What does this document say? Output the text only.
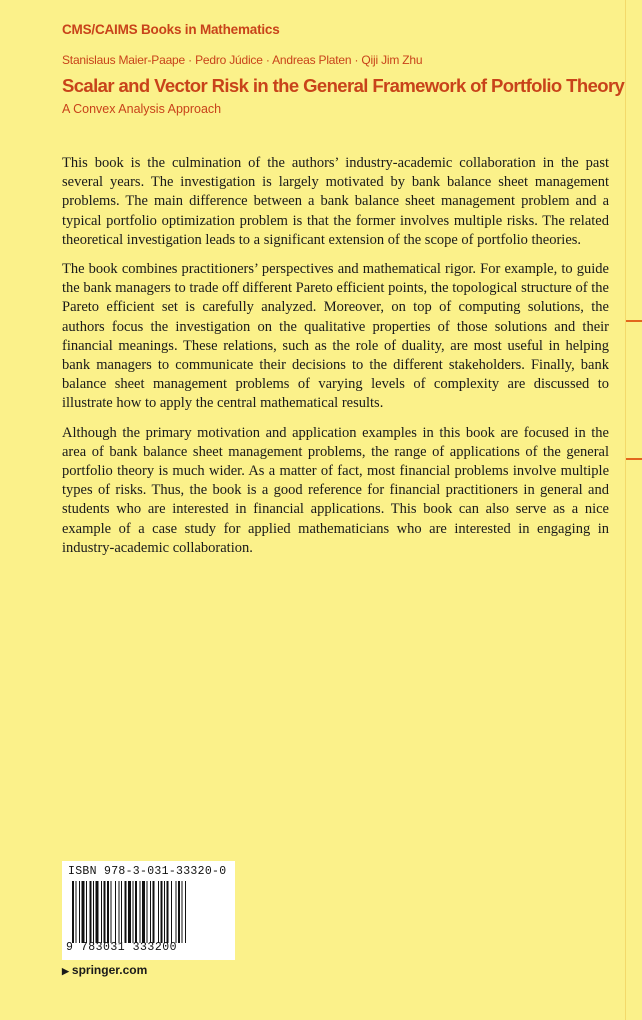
CMS/CAIMS Books in Mathematics
Stanislaus Maier-Paape · Pedro Júdice · Andreas Platen · Qiji Jim Zhu
Scalar and Vector Risk in the General Framework of Portfolio Theory
A Convex Analysis Approach

This book is the culmination of the authors’ industry-academic collaboration in the past several years. The investigation is largely motivated by bank balance sheet management problems. The main difference between a bank balance sheet management problem and a typical portfolio optimization problem is that the former involves multiple risks. The related theoretical investigation leads to a significant extension of the scope of portfolio theories.

The book combines practitioners’ perspectives and mathematical rigor. For example, to guide the bank managers to trade off different Pareto efficient points, the topological structure of the Pareto efficient set is carefully analyzed. Moreover, on top of computing solutions, the authors focus the investigation on the qualitative properties of those solutions and their financial meanings. These relations, such as the role of duality, are most useful in helping bank managers to communicate their decisions to the different stakeholders. Finally, bank balance sheet management problems of varying levels of complexity are discussed to illustrate how to apply the central mathematical results.

Although the primary motivation and application examples in this book are focused in the area of bank balance sheet management problems, the range of applications of the general portfolio theory is much wider. As a matter of fact, most financial problems involve multiple types of risks. Thus, the book is a good reference for financial practitioners in general and students who are interested in financial applications. This book can also serve as a nice example of a case study for applied mathematicians who are interested in engaging in industry-academic collaboration.

ISBN 978-3-031-33320-0
9 783031 333200
▶ springer.com
